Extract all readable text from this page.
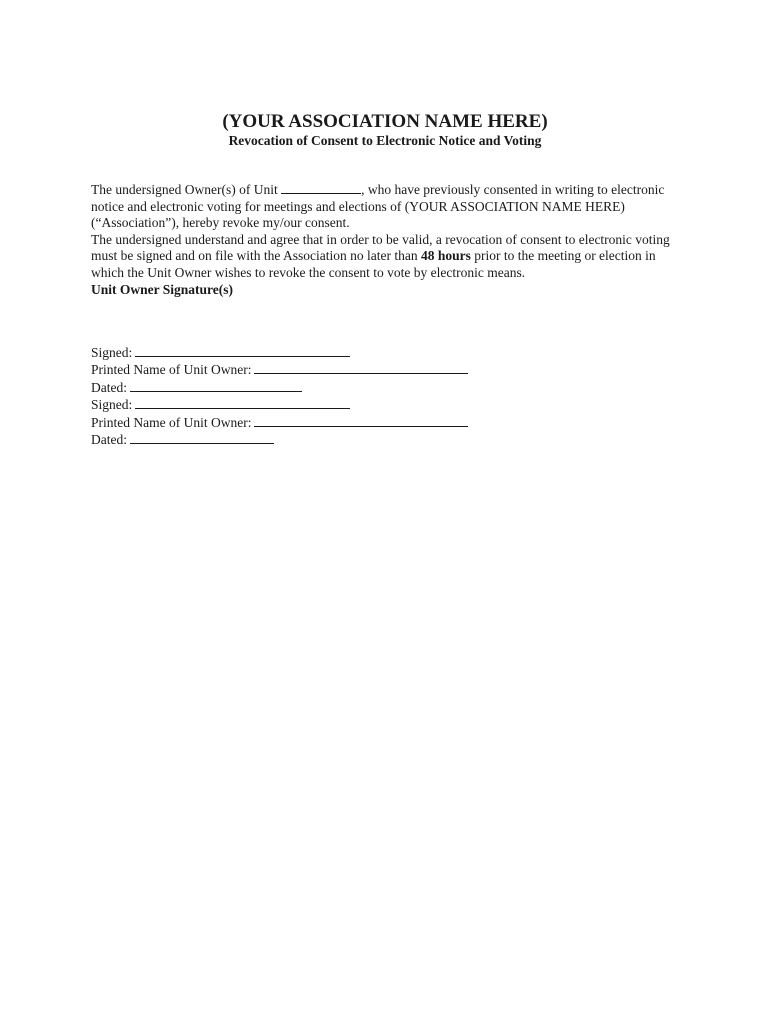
(YOUR ASSOCIATION NAME HERE)
Revocation of Consent to Electronic Notice and Voting

The undersigned Owner(s) of Unit	, who have previously consented in writing to electronic notice and electronic voting for meetings and elections of (YOUR ASSOCIATION NAME HERE) (“Association”), hereby revoke my/our consent.

The undersigned understand and agree that in order to be valid, a revocation of consent to electronic voting must be signed and on file with the Association no later than 48 hours prior to the meeting or election in which the Unit Owner wishes to revoke the consent to vote by electronic means.

Unit Owner Signature(s)

Signed:
Printed Name of Unit Owner:
Dated:
Signed:
Printed Name of Unit Owner:
Dated:
